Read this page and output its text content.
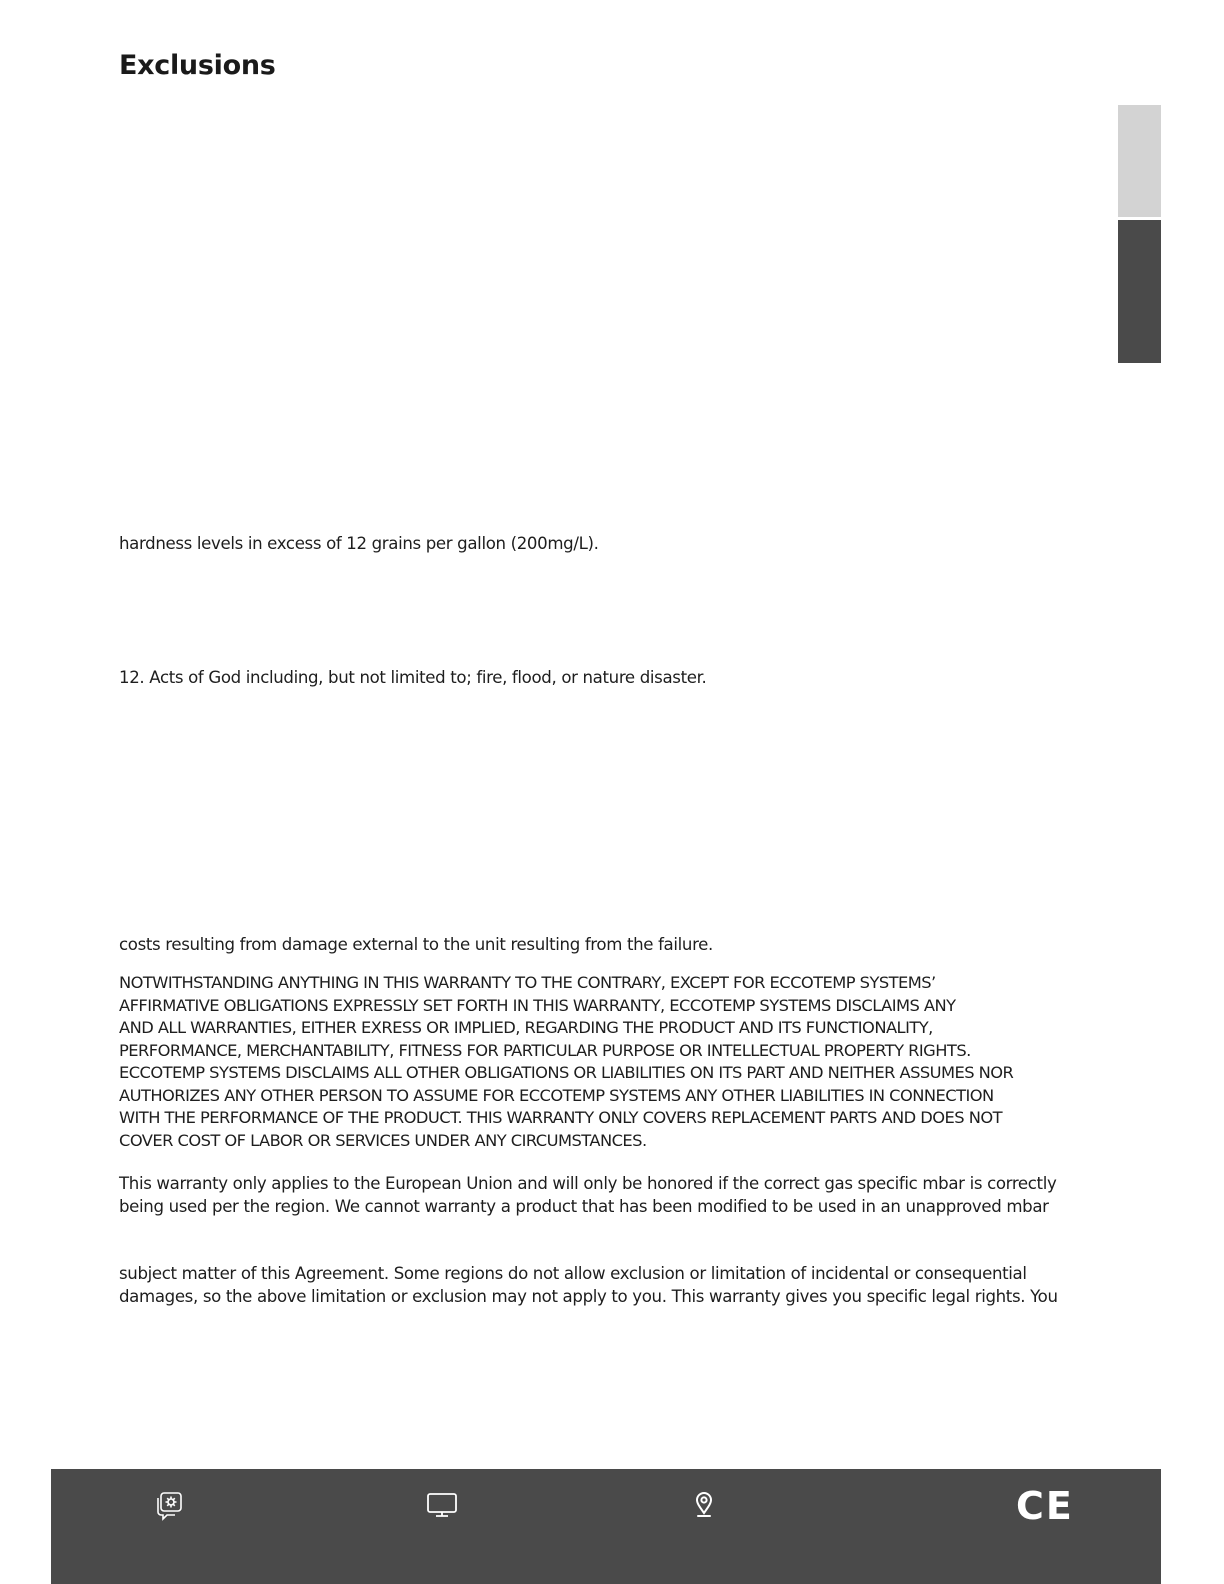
Exclusions

hardness levels in excess of 12 grains per gallon (200mg/L).

12. Acts of God including, but not limited to; fire, flood, or nature disaster.

costs resulting from damage external to the unit resulting from the failure.

NOTWITHSTANDING ANYTHING IN THIS WARRANTY TO THE CONTRARY, EXCEPT FOR ECCOTEMP SYSTEMS’
AFFIRMATIVE OBLIGATIONS EXPRESSLY SET FORTH IN THIS WARRANTY, ECCOTEMP SYSTEMS DISCLAIMS ANY
AND ALL WARRANTIES, EITHER EXRESS OR IMPLIED, REGARDING THE PRODUCT AND ITS FUNCTIONALITY,
PERFORMANCE, MERCHANTABILITY, FITNESS FOR PARTICULAR PURPOSE OR INTELLECTUAL PROPERTY RIGHTS.
ECCOTEMP SYSTEMS DISCLAIMS ALL OTHER OBLIGATIONS OR LIABILITIES ON ITS PART AND NEITHER ASSUMES NOR
AUTHORIZES ANY OTHER PERSON TO ASSUME FOR ECCOTEMP SYSTEMS ANY OTHER LIABILITIES IN CONNECTION
WITH THE PERFORMANCE OF THE PRODUCT. THIS WARRANTY ONLY COVERS REPLACEMENT PARTS AND DOES NOT
COVER COST OF LABOR OR SERVICES UNDER ANY CIRCUMSTANCES.

This warranty only applies to the European Union and will only be honored if the correct gas specific mbar is correctly
being used per the region. We cannot warranty a product that has been modified to be used in an unapproved mbar

subject matter of this Agreement. Some regions do not allow exclusion or limitation of incidental or consequential
damages, so the above limitation or exclusion may not apply to you. This warranty gives you specific legal rights. You

CE
